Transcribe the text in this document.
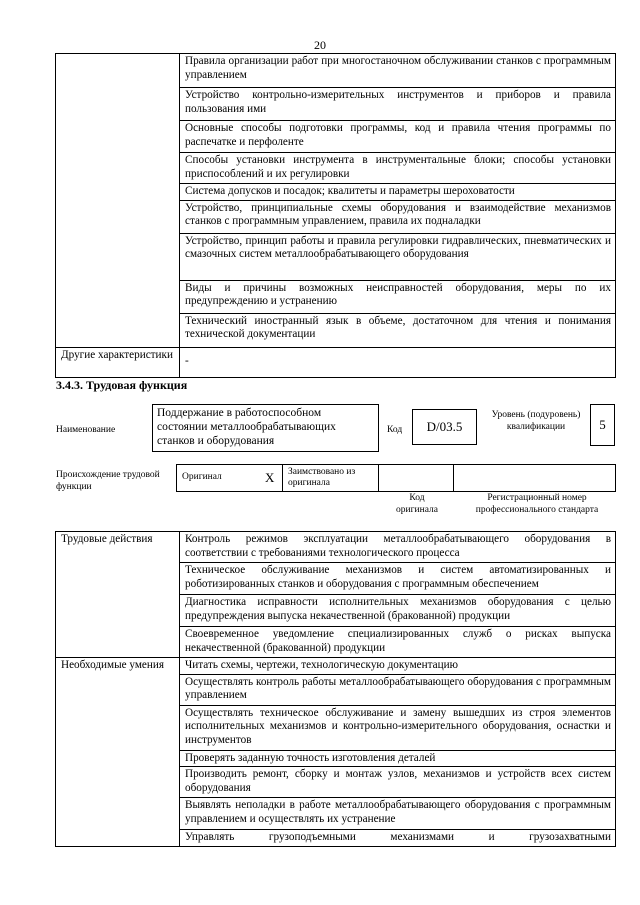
20
	Правила организации работ при многостаночном обслуживании станков с программным управлением
	Устройство контрольно-измерительных инструментов и приборов и правила пользования ими
	Основные способы подготовки программы, код и правила чтения программы по распечатке и перфоленте
	Способы установки инструмента в инструментальные блоки; способы установки приспособлений и их регулировки
	Система допусков и посадок; квалитеты и параметры шероховатости
	Устройство, принципиальные схемы оборудования и взаимодействие механизмов станков с программным управлением, правила их подналадки
	Устройство, принцип работы и правила регулировки гидравлических, пневматических и смазочных систем металлообрабатывающего оборудования
	Виды и причины возможных неисправностей оборудования, меры по их предупреждению и устранению
	Технический иностранный язык в объеме, достаточном для чтения и понимания технической документации
Другие характеристики	-
3.4.3. Трудовая функция
Наименование
Поддержание в работоспособном состоянии металлообрабатывающих станков и оборудования
Код D/03.5
Уровень (подуровень) квалификации	5
Происхождение трудовой функции
Оригинал	X	Заимствовано из оригинала		
Код оригинала
Регистрационный номер профессионального стандарта
Трудовые действия	Контроль режимов эксплуатации металлообрабатывающего оборудования в соответствии с требованиями технологического процесса
	Техническое обслуживание механизмов и систем автоматизированных и роботизированных станков и оборудования с программным обеспечением
	Диагностика исправности исполнительных механизмов оборудования с целью предупреждения выпуска некачественной (бракованной) продукции
	Своевременное уведомление специализированных служб о рисках выпуска некачественной (бракованной) продукции
Необходимые умения	Читать схемы, чертежи, технологическую документацию
	Осуществлять контроль работы металлообрабатывающего оборудования с программным управлением
	Осуществлять техническое обслуживание и замену вышедших из строя элементов исполнительных механизмов и контрольно-измерительного оборудования, оснастки и инструментов
	Проверять заданную точность изготовления деталей
	Производить ремонт, сборку и монтаж узлов, механизмов и устройств всех систем оборудования
	Выявлять неполадки в работе металлообрабатывающего оборудования с программным управлением и осуществлять их устранение
	Управлять грузоподъемными механизмами и грузозахватными
